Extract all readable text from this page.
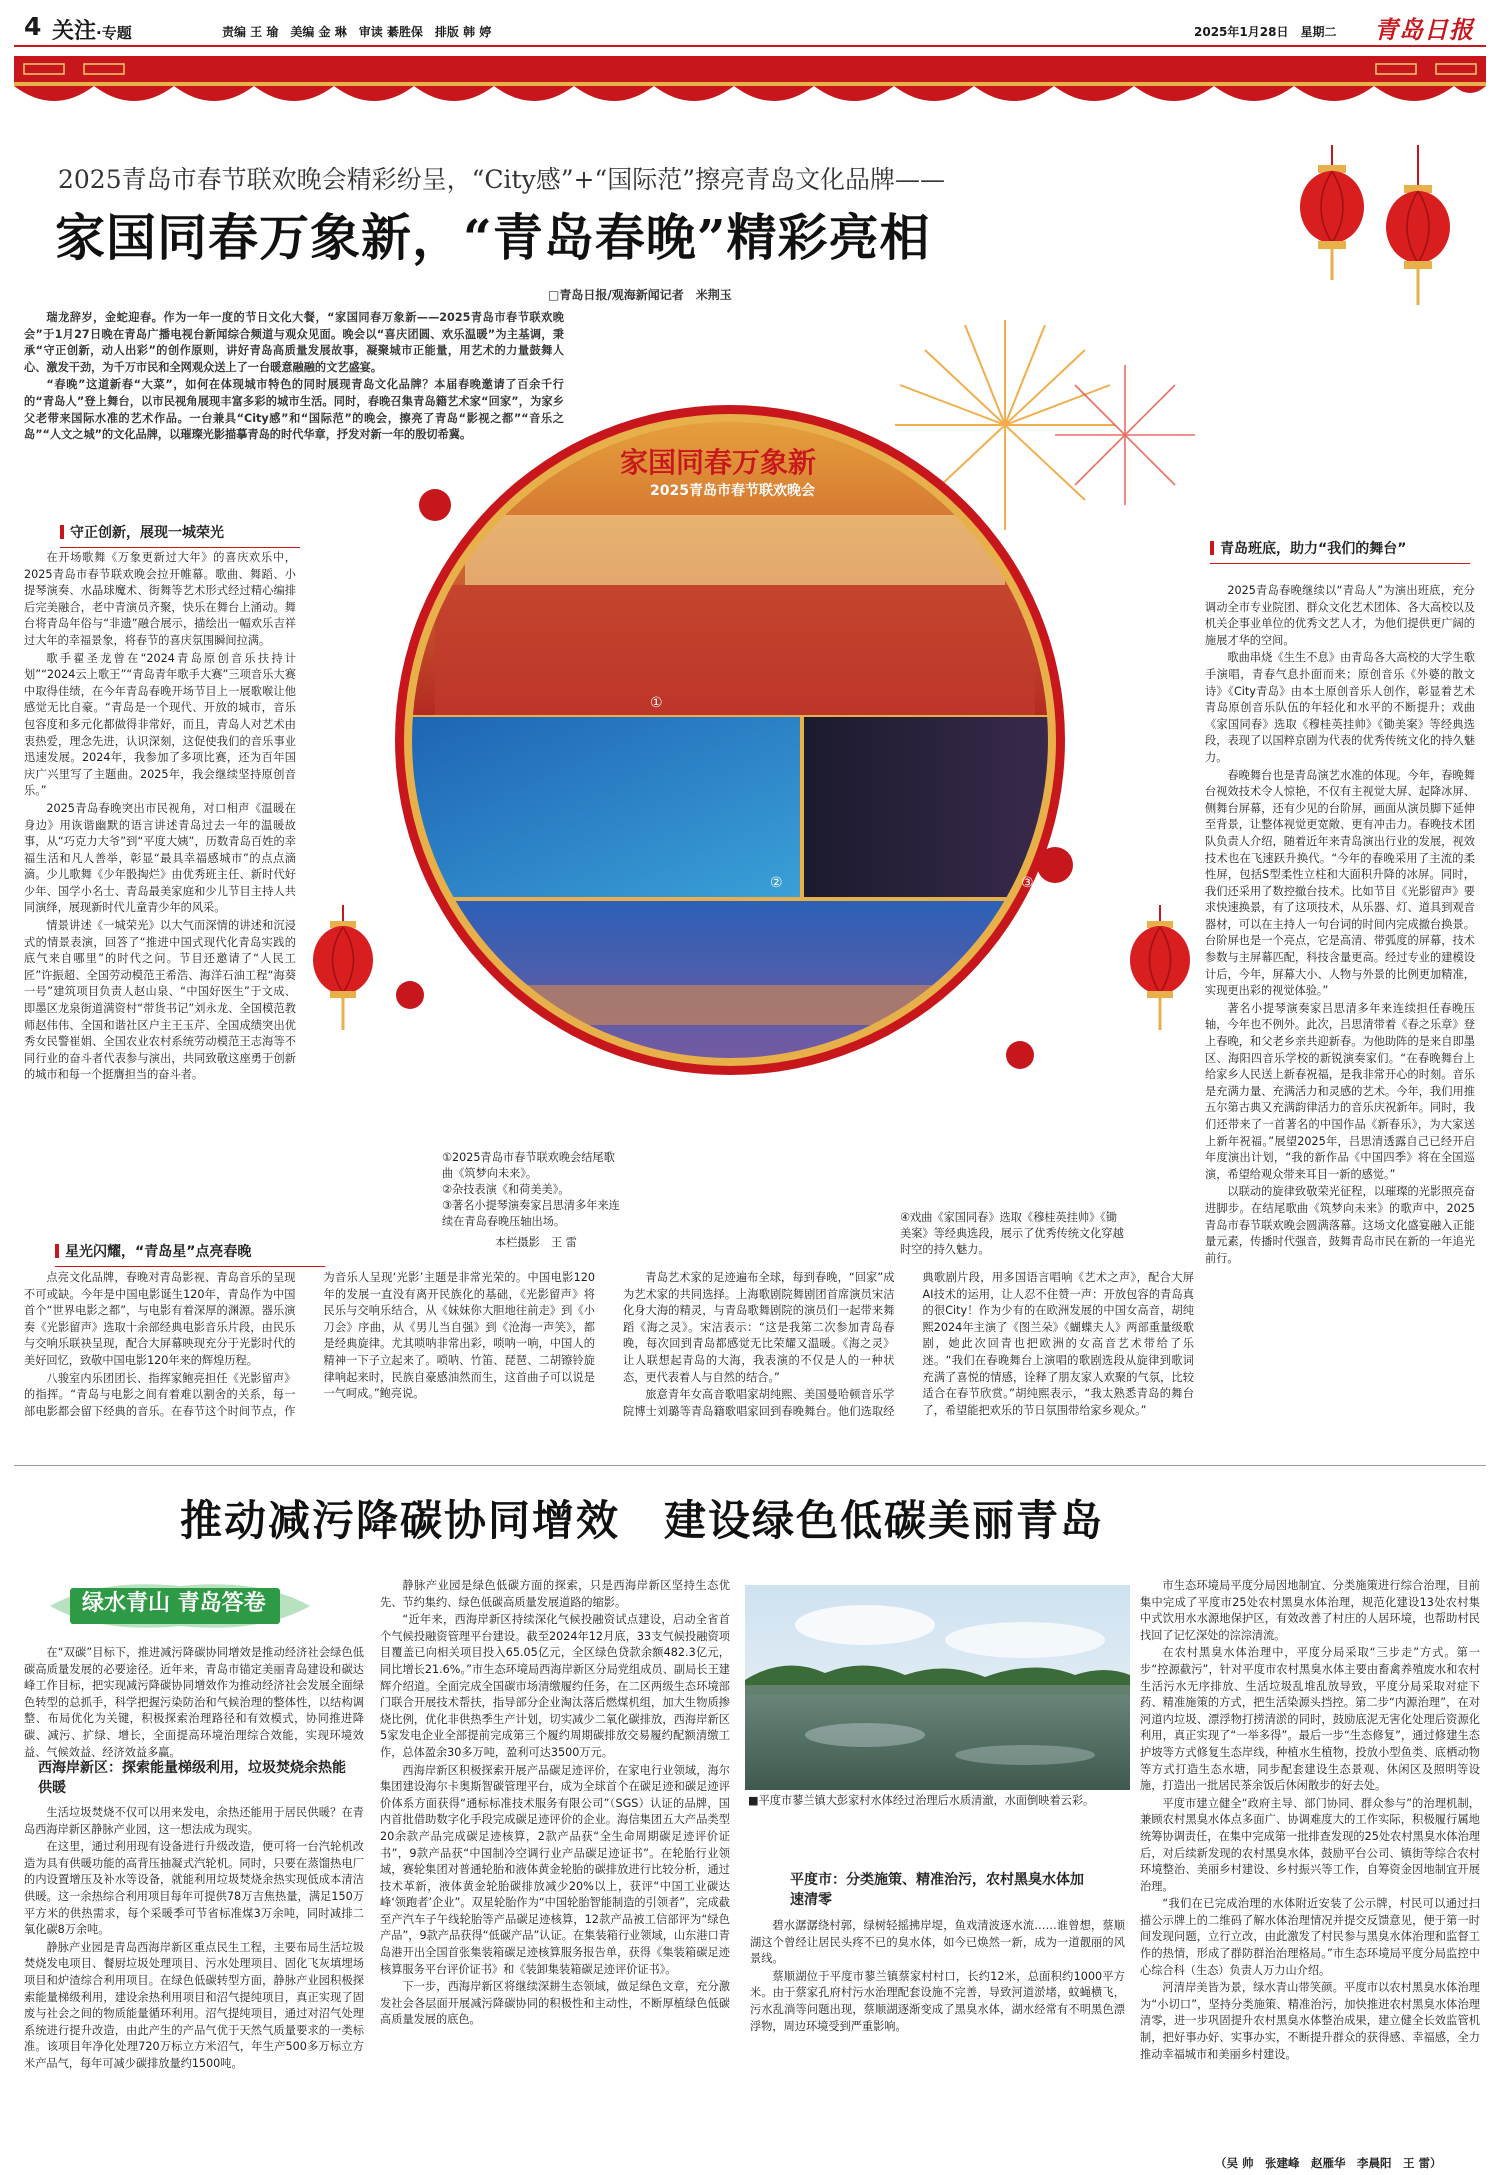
4 关注·专题	责编 王 瑜　美编 金 琳　审读 綦胜保　排版 韩 婷	2025年1月28日　星期二 青岛日报
2025青岛市春节联欢晚会精彩纷呈，“City感”+“国际范”擦亮青岛文化品牌——
家国同春万象新，“青岛春晚”精彩亮相
□青岛日报/观海新闻记者　米荆玉

瑞龙辞岁，金蛇迎春。作为一年一度的节日文化大餐，“家国同春万象新——2025青岛市春节联欢晚会”于1月27日晚在青岛广播电视台新闻综合频道与观众见面。晚会以“喜庆团圆、欢乐温暖”为主基调，秉承“守正创新，动人出彩”的创作原则，讲好青岛高质量发展故事，凝聚城市正能量，用艺术的力量鼓舞人心、激发干劲，为千万市民和全网观众送上了一台暖意融融的文艺盛宴。

“春晚”这道新春“大菜”，如何在体现城市特色的同时展现青岛文化品牌？本届春晚邀请了百余千行的“青岛人”登上舞台，以市民视角展现丰富多彩的城市生活。同时，春晚召集青岛籍艺术家“回家”，为家乡父老带来国际水准的艺术作品。一台兼具“City感”和“国际范”的晚会，擦亮了青岛“影视之都”“音乐之岛”“人文之城”的文化品牌，以璀璨光影描摹青岛的时代华章，抒发对新一年的殷切希冀。

守正创新，展现一城荣光

在开场歌舞《万象更新过大年》的喜庆欢乐中，2025青岛市春节联欢晚会拉开帷幕。歌曲、舞蹈、小提琴演奏、水晶球魔术、街舞等艺术形式经过精心编排后完美融合，老中青演员齐聚，快乐在舞台上涌动。舞台将青岛年俗与“非遗”融合展示，描绘出一幅欢乐吉祥过大年的幸福景象，将春节的喜庆氛围瞬间拉满。

歌手翟圣龙曾在“2024青岛原创音乐扶持计划”“2024云上歌王”“青岛青年歌手大赛”三项音乐大赛中取得佳绩，在今年青岛春晚开场节目上一展歌喉让他感觉无比自豪。“青岛是一个现代、开放的城市，音乐包容度和多元化都做得非常好，而且，青岛人对艺术由衷热爱，理念先进，认识深刻，这促使我们的音乐事业迅速发展。2024年，我参加了多项比赛，还为百年国庆广兴里写了主题曲。2025年，我会继续坚持原创音乐。”

2025青岛春晚突出市民视角，对口相声《温暖在身边》用诙谐幽默的语言讲述青岛过去一年的温暖故事，从“巧克力大爷”到“平度大姨”，历数青岛百姓的幸福生活和凡人善举，彰显“最具幸福感城市”的点点滴滴。少儿歌舞《少年骰掏烂》由优秀班主任、新时代好少年、国学小名士、青岛最美家庭和少儿节目主持人共同演绎，展现新时代儿童青少年的风采。

情景讲述《一城荣光》以大气而深情的讲述和沉浸式的情景表演，回答了“推进中国式现代化青岛实践的底气来自哪里”的时代之问。节目还邀请了“人民工匠”许振超、全国劳动模范王希浩、海洋石油工程“海葵一号”建筑项目负责人赵山泉、“中国好医生”于文成、即墨区龙泉街道满资村“带货书记”刘永龙、全国模范教师赵伟伟、全国和谐社区户主王玉芹、全国成绩突出优秀女民警崔娟、全国农业农村系统劳动模范王志海等不同行业的奋斗者代表参与演出，共同致敬这座勇于创新的城市和每一个挺膺担当的奋斗者。

家国同春万象新
2025青岛市春节联欢晚会
①
②	③
④
①2025青岛市春节联欢晚会结尾歌曲《筑梦向未来》。
②杂技表演《和荷美美》。
③著名小提琴演奏家吕思清多年来连续在青岛春晚压轴出场。
本栏摄影　王 雷
④戏曲《家国同春》选取《穆桂英挂帅》《锄美案》等经典选段，展示了优秀传统文化穿越时空的持久魅力。
青岛班底，助力“我们的舞台”

2025青岛春晚继续以“青岛人”为演出班底，充分调动全市专业院团、群众文化艺术团体、各大高校以及机关企事业单位的优秀文艺人才，为他们提供更广阔的施展才华的空间。

歌曲串烧《生生不息》由青岛各大高校的大学生歌手演唱，青春气息扑面而来；原创音乐《外婆的散文诗》《City青岛》由本土原创音乐人创作，彰显着艺术青岛原创音乐队伍的年轻化和水平的不断提升；戏曲《家国同春》选取《穆桂英挂帅》《锄美案》等经典选段，表现了以国粹京剧为代表的优秀传统文化的持久魅力。

春晚舞台也是青岛演艺水准的体现。今年，春晚舞台视效技术令人惊艳，不仅有主视觉大屏、起降冰屏、侧舞台屏幕，还有少见的台阶屏，画面从演员脚下延伸至背景，让整体视觉更宽敞、更有冲击力。春晚技术团队负责人介绍，随着近年来青岛演出行业的发展，视效技术也在飞速跃升换代。“今年的春晚采用了主流的柔性屏，包括S型柔性立柱和大面积升降的冰屏。同时，我们还采用了数控撤台技术。比如节目《光影留声》要求快速换景，有了这项技术，从乐器、灯、道具到观音器材，可以在主持人一句台词的时间内完成撤台换景。台阶屏也是一个亮点，它是高清、带弧度的屏幕，技术参数与主屏幕匹配，科技含量更高。经过专业的建模设计后，今年，屏幕大小、人物与外景的比例更加精准，实现更出彩的视觉体验。”

著名小提琴演奏家吕思清多年来连续担任春晚压轴，今年也不例外。此次，吕思清带着《春之乐章》登上春晚，和父老乡亲共迎新春。为他助阵的是来自即墨区、海阳四音乐学校的新锐演奏家们。“在春晚舞台上给家乡人民送上新春祝福，是我非常开心的时刻。音乐是充满力量、充满活力和灵感的艺术。今年，我们用推五尔第古典又充满韵律活力的音乐庆祝新年。同时，我们还带来了一首著名的中国作品《新春乐》，为大家送上新年祝福。”展望2025年，吕思清透露自己已经开启年度演出计划，“我的新作品《中国四季》将在全国巡演，希望给观众带来耳目一新的感觉。”

以联动的旋律致敬荣光征程，以璀璨的光影照亮奋进脚步。在结尾歌曲《筑梦向未来》的歌声中，2025青岛市春节联欢晚会圆满落幕。这场文化盛宴融入正能量元素，传播时代强音，鼓舞青岛市民在新的一年追光前行。

星光闪耀，“青岛星”点亮春晚

点亮文化品牌，春晚对青岛影视、青岛音乐的呈现不可或缺。今年是中国电影诞生120年，青岛作为中国首个“世界电影之都”，与电影有着深厚的渊源。器乐演奏《光影留声》选取十余部经典电影音乐片段，由民乐与交响乐联袂呈现，配合大屏幕映现充分于光影时代的美好回忆，致敬中国电影120年来的辉煌历程。

八骏室内乐团团长、指挥家鲍亮担任《光影留声》的指挥。“青岛与电影之间有着难以割舍的关系，每一部电影都会留下经典的音乐。在春节这个时间节点，作为音乐人呈现‘光影’主题是非常光荣的。中国电影120年的发展一直没有离开民族化的基础，《光影留声》将民乐与交响乐结合，从《妹妹你大胆地往前走》到《小刀会》序曲，从《男儿当自强》到《沧海一声笑》，都是经典旋律。尤其唢呐非常出彩，唢呐一响，中国人的精神一下子立起来了。唢呐、竹笛、琵琶、二胡镲铃旋律响起来时，民族自豪感油然而生，这首曲子可以说是一气呵成。”鲍亮说。

青岛艺术家的足迹遍布全球，每到春晚，“回家”成为艺术家的共同选择。上海歌剧院舞剧团首席演员宋洁化身大海的精灵，与青岛歌舞剧院的演员们一起带来舞蹈《海之灵》。宋洁表示：“这是我第二次参加青岛春晚，每次回到青岛都感觉无比荣耀又温暖。《海之灵》让人联想起青岛的大海，我表演的不仅是人的一种状态，更代表着人与自然的结合。”

旅意青年女高音歌唱家胡纯熙、美国曼哈顿音乐学院博士刘璐等青岛籍歌唱家回到春晚舞台。他们选取经典歌剧片段，用多国语言唱响《艺术之声》，配合大屏AI技术的运用，让人忍不住赞一声：开放包容的青岛真的很City！作为少有的在欧洲发展的中国女高音，胡纯熙2024年主演了《图兰朵》《蝴蝶夫人》两部重量级歌剧，她此次回青也把欧洲的女高音艺术带给了乐迷。“我们在春晚舞台上演唱的歌剧选段从旋律到歌词充满了喜悦的情感，诠释了朋友家人欢聚的气氛，比较适合在春节欣赏。”胡纯熙表示，“我太熟悉青岛的舞台了，希望能把欢乐的节日氛围带给家乡观众。”

推动减污降碳协同增效　建设绿色低碳美丽青岛
绿水青山 青岛答卷

在“双碳”目标下，推进减污降碳协同增效是推动经济社会绿色低碳高质量发展的必要途径。近年来，青岛市锚定美丽青岛建设和碳达峰工作目标，把实现减污降碳协同增效作为推动经济社会发展全面绿色转型的总抓手，科学把握污染防治和气候治理的整体性，以结构调整、布局优化为关键，积极探索治理路径和有效模式，协同推进降碳、减污、扩绿、增长，全面提高环境治理综合效能，实现环境效益、气候效益、经济效益多赢。

西海岸新区：探索能量梯级利用，垃圾焚烧余热能供暖

生活垃圾焚烧不仅可以用来发电，余热还能用于居民供暖？在青岛西海岸新区静脉产业园，这一想法成为现实。

在这里，通过利用现有设备进行升级改造，便可将一台汽轮机改造为具有供暖功能的高背压抽凝式汽轮机。同时，只要在蒸馏热电厂的内设置增压及补水等设备，就能利用垃圾焚烧余热实现低成本清洁供暖。这一余热综合利用项目每年可提供78万吉焦热量，满足150万平方米的供热需求，每个采暖季可节省标准煤3万余吨，同时减排二氧化碳8万余吨。

静脉产业园是青岛西海岸新区重点民生工程，主要布局生活垃圾焚烧发电项目、餐厨垃圾处理项目、污水处理项目、固化飞灰填埋场项目和炉渣综合利用项目。在绿色低碳转型方面，静脉产业园积极探索能量梯级利用，建设余热利用项目和沼气提纯项目，真正实现了固废与社会之间的物质能量循环利用。沼气提纯项目，通过对沼气处理系统进行提升改造，由此产生的产品气优于天然气质量要求的一类标准。该项目年净化处理720万标立方米沼气，年生产500多万标立方米产品气，每年可减少碳排放量约1500吨。

静脉产业园是绿色低碳方面的探索，只是西海岸新区坚持生态优先、节约集约、绿色低碳高质量发展道路的缩影。

“近年来，西海岸新区持续深化气候投融资试点建设，启动全省首个气候投融资管理平台建设。截至2024年12月底，33支气候投融资项目覆盖已向相关项目投入65.05亿元，全区绿色贷款余额482.3亿元，同比增长21.6%。”市生态环境局西海岸新区分局党组成员、副局长王建辉介绍道。全面完成全国碳市场清缴履约任务，在二区两级生态环境部门联合开展技术帮扶，指导部分企业淘汰落后燃煤机组，加大生物质掺烧比例，优化非供热季生产计划，切实减少二氧化碳排放，西海岸新区5家发电企业全部提前完成第三个履约周期碳排放交易履约配额清缴工作，总体盈余30多万吨，盈利可达3500万元。

西海岸新区积极探索开展产品碳足迹评价，在家电行业领域，海尔集团建设海尔卡奥斯智碳管理平台，成为全球首个在碳足迹和碳足迹评价体系方面获得“通标标准技术服务有限公司”（SGS）认证的品牌，国内首批借助数字化手段完成碳足迹评价的企业。海信集团五大产品类型20余款产品完成碳足迹核算，2款产品获“全生命周期碳足迹评价证书”，9款产品获“中国制冷空调行业产品碳足迹证书”。在轮胎行业领域，赛轮集团对普通轮胎和液体黄金轮胎的碳排放进行比较分析，通过技术革新，液体黄金轮胎碳排放减少20%以上，获评“中国工业碳达峰‘领跑者’企业”。双星轮胎作为“中国轮胎智能制造的引领者”，完成截至产汽车子午线轮胎等产品碳足迹核算，12款产品被工信部评为“绿色产品”，9款产品获得“低碳产品”认证。在集装箱行业领域，山东港口青岛港开出全国首张集装箱碳足迹核算服务报告单，获得《集装箱碳足迹核算服务平台评价证书》和《装卸集装箱碳足迹评价证书》。

下一步，西海岸新区将继续深耕生态领域，做足绿色文章，充分激发社会各层面开展减污降碳协同的积极性和主动性，不断厚植绿色低碳高质量发展的底色。

■平度市蓼兰镇大彭家村水体经过治理后水质清澈，水面倒映着云彩。
平度市：分类施策、精准治污，农村黑臭水体加速清零

碧水潺潺绕村郭，绿树轻摇拂岸堤，鱼戏清波逐水流……谁曾想，蔡顺湖这个曾经让居民头疼不已的臭水体，如今已焕然一新，成为一道靓丽的风景线。

蔡顺湖位于平度市蓼兰镇蔡家村村口，长约12米，总面积约1000平方米。由于蔡家孔府村污水治理配套设施不完善，导致河道淤堵，蚊蝇横飞，污水乱淌等问题出现，蔡顺湖逐渐变成了黑臭水体，湖水经常有不明黑色漂浮物，周边环境受到严重影响。

市生态环境局平度分局因地制宜、分类施策进行综合治理，目前集中完成了平度市25处农村黑臭水体治理，规范化建设13处农村集中式饮用水水源地保护区，有效改善了村庄的人居环境，也帮助村民找回了记忆深处的淙淙清流。

在农村黑臭水体治理中，平度分局采取“三步走”方式。第一步“控源截污”，针对平度市农村黑臭水体主要由畜禽养殖废水和农村生活污水无序排放、生活垃圾乱堆乱放导致，平度分局采取对症下药、精准施策的方式，把生活染源头挡控。第二步“内源治理”，在对河道内垃圾、漂浮物打捞清淤的同时，鼓励底泥无害化处理后资源化利用，真正实现了“一举多得”。最后一步“生态修复”，通过修建生态护坡等方式修复生态岸线，种植水生植物，投放小型鱼类、底栖动物等方式打造生态水塘，同步配套建设生态景观、休闲区及照明等设施，打造出一批居民茶余饭后休闲散步的好去处。

平度市建立健全“政府主导、部门协同、群众参与”的治理机制，兼顾农村黑臭水体点多面广、协调难度大的工作实际，积极履行属地统筹协调责任，在集中完成第一批排查发现的25处农村黑臭水体治理后，对后续新发现的农村黑臭水体，鼓励平台公司、镇街等综合农村环境整治、美丽乡村建设、乡村振兴等工作，自筹资金因地制宜开展治理。

“我们在已完成治理的水体附近安装了公示牌，村民可以通过扫描公示牌上的二维码了解水体治理情况并提交反馈意见，便于第一时间发现问题，立行立改，由此激发了村民参与黑臭水体治理和监督工作的热情，形成了群防群治治理格局。”市生态环境局平度分局监控中心综合科（生态）负责人万力山介绍。

河清岸美皆为景，绿水青山带笑颜。平度市以农村黑臭水体治理为“小切口”，坚持分类施策、精准治污，加快推进农村黑臭水体治理清零，进一步巩固提升农村黑臭水体整治成果，建立健全长效监管机制，把好事办好、实事办实，不断提升群众的获得感、幸福感，全力推动幸福城市和美丽乡村建设。

（吴 帅　张建峰　赵雁华　李晨阳　王 雷）
